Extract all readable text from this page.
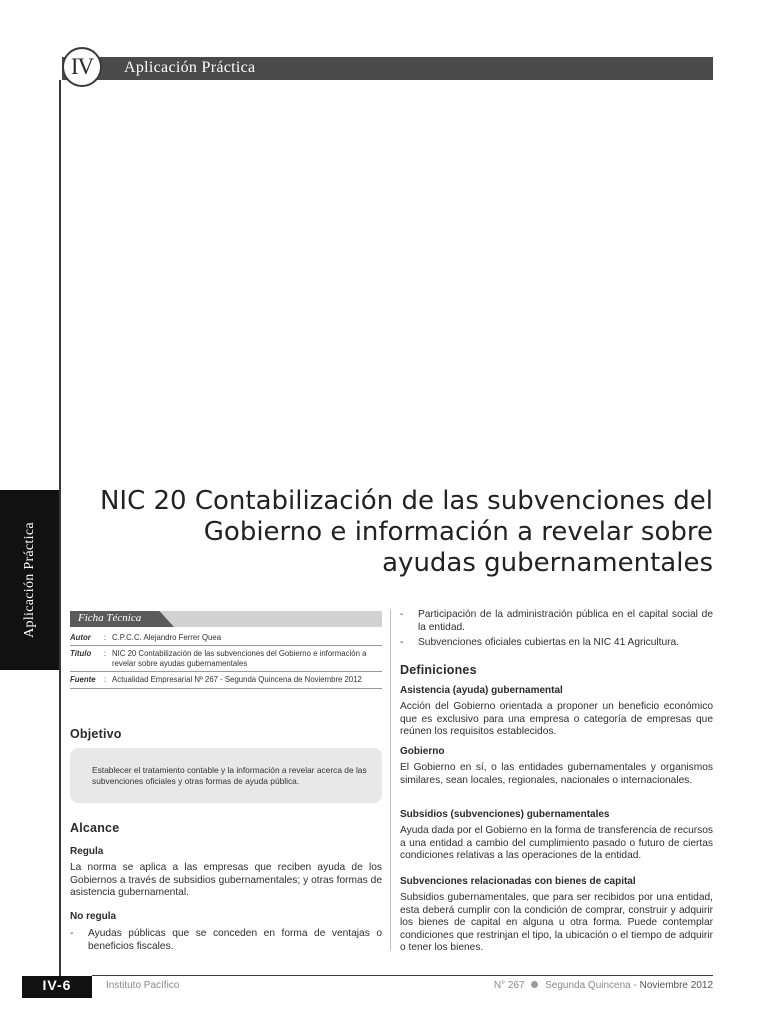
Aplicación Práctica
IV
Aplicación Práctica
NIC 20 Contabilización de las subvenciones del
Gobierno e información a revelar sobre
ayudas gubernamentales
Ficha Técnica
Autor	: C.P.C.C. Alejandro Ferrer Quea
Título	: NIC 20 Contabilización de las subvenciones del Gobierno e información a revelar sobre ayudas gubernamentales
Fuente	: Actualidad Empresarial Nº 267 - Segunda Quincena de Noviembre 2012
Objetivo
Establecer el tratamiento contable y la información a revelar acerca de las subvenciones oficiales y otras formas de ayuda pública.
Alcance
Regula
La norma se aplica a las empresas que reciben ayuda de los Gobiernos a través de subsidios gubernamentales; y otras formas de asistencia gubernamental.
No regula
-	Ayudas públicas que se conceden en forma de ventajas o beneficios fiscales.
-	Participación de la administración pública en el capital social de la entidad.
-	Subvenciones oficiales cubiertas en la NIC 41 Agricultura.
Definiciones
Asistencia (ayuda) gubernamental
Acción del Gobierno orientada a proponer un beneficio económico que es exclusivo para una empresa o categoría de empresas que reúnen los requisitos establecidos.
Gobierno
El Gobierno en sí, o las entidades gubernamentales y organismos similares, sean locales, regionales, nacionales o internacionales.
Subsidios (subvenciones) gubernamentales
Ayuda dada por el Gobierno en la forma de transferencia de recursos a una entidad a cambio del cumplimiento pasado o futuro de ciertas condiciones relativas a las operaciones de la entidad.
Subvenciones relacionadas con bienes de capital
Subsidios gubernamentales, que para ser recibidos por una entidad, esta deberá cumplir con la condición de comprar, construir y adquirir los bienes de capital en alguna u otra forma. Puede contemplar condiciones que restrinjan el tipo, la ubicación o el tiempo de adquirir o tener los bienes.
IV-6	Instituto Pacífico	N° 267 Segunda Quincena - Noviembre 2012
